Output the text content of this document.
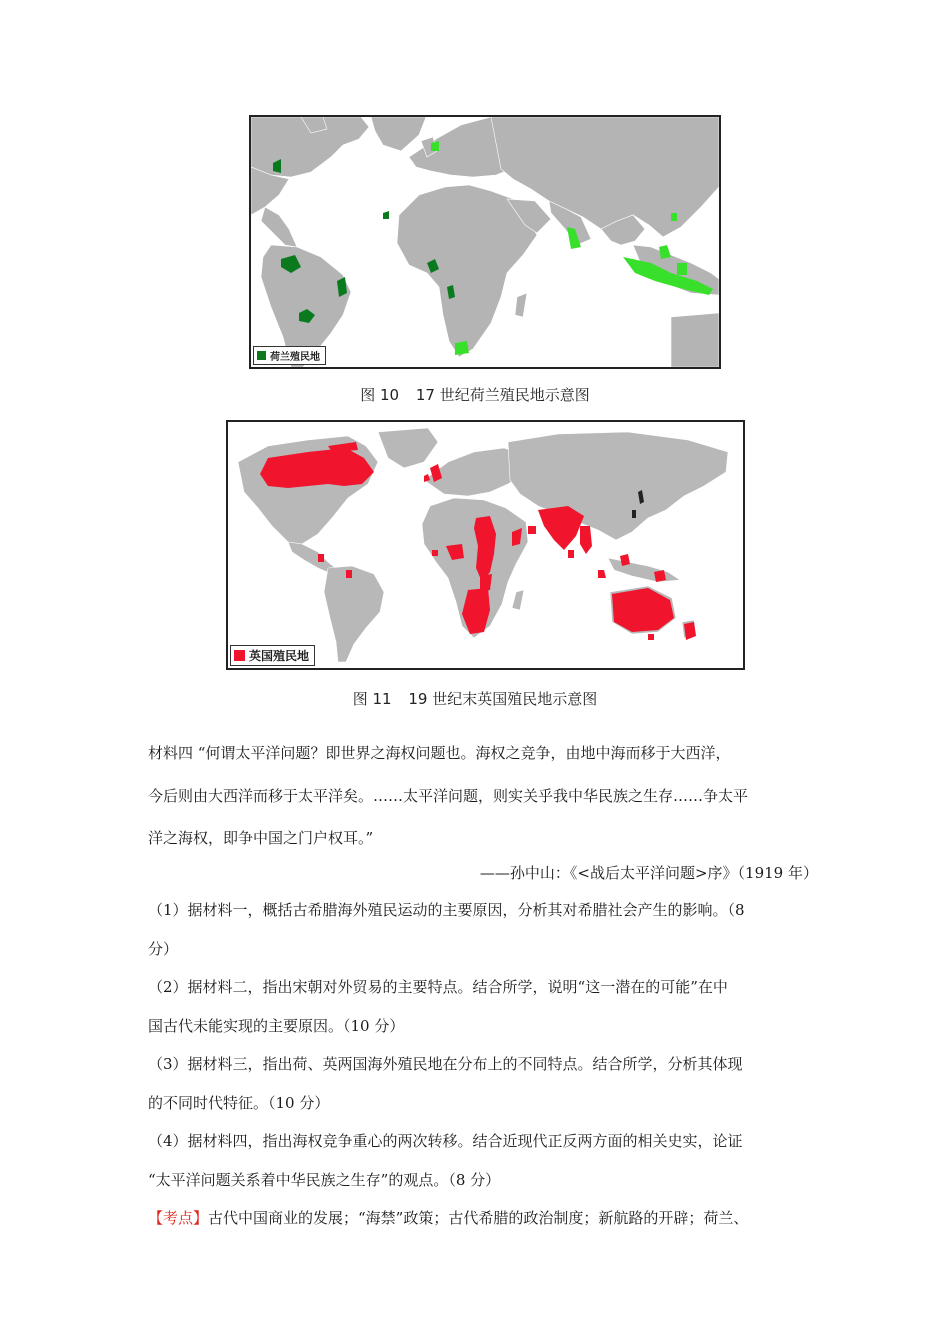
荷兰殖民地
图 10 17 世纪荷兰殖民地示意图
英国殖民地
图 11 19 世纪末英国殖民地示意图
材料四 “何谓太平洋问题？即世界之海权问题也。海权之竞争，由地中海而移于大西洋，
今后则由大西洋而移于太平洋矣。……太平洋问题，则实关乎我中华民族之生存……争太平
洋之海权，即争中国之门户权耳。”
——孙中山：《<战后太平洋问题>序》（1919 年）
（1）据材料一，概括古希腊海外殖民运动的主要原因，分析其对希腊社会产生的影响。（8
分）
（2）据材料二，指出宋朝对外贸易的主要特点。结合所学，说明“这一潜在的可能”在中
国古代未能实现的主要原因。（10 分）
（3）据材料三，指出荷、英两国海外殖民地在分布上的不同特点。结合所学，分析其体现
的不同时代特征。（10 分）
（4）据材料四，指出海权竞争重心的两次转移。结合近现代正反两方面的相关史实，论证
“太平洋问题关系着中华民族之生存”的观点。（8 分）
【考点】古代中国商业的发展；“海禁”政策；古代希腊的政治制度；新航路的开辟；荷兰、
